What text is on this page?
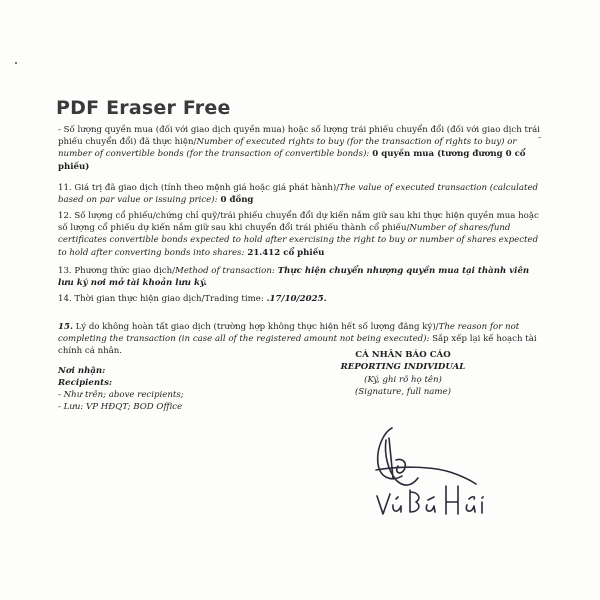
PDF Eraser Free
- Số lượng quyền mua (đối với giao dịch quyền mua) hoặc số lượng trái phiếu chuyển đổi (đối với giao dịch trái phiếu chuyển đổi) đã thực hiện/Number of executed rights to buy (for the transaction of rights to buy) or number of convertible bonds (for the transaction of convertible bonds): 0 quyền mua (tương đương 0 cổ phiếu)
11. Giá trị đã giao dịch (tính theo mệnh giá hoặc giá phát hành)/The value of executed transaction (calculated based on par value or issuing price): 0 đồng
12. Số lượng cổ phiếu/chứng chỉ quỹ/trái phiếu chuyển đổi dự kiến nắm giữ sau khi thực hiện quyền mua hoặc số lượng cổ phiếu dự kiến nắm giữ sau khi chuyển đổi trái phiếu thành cổ phiếu/Number of shares/fund certificates convertible bonds expected to hold after exercising the right to buy or number of shares expected to hold after converting bonds into shares: 21.412 cổ phiếu
13. Phương thức giao dịch/Method of transaction: Thực hiện chuyển nhượng quyền mua tại thành viên lưu ký nơi mở tài khoản lưu ký.
14. Thời gian thực hiện giao dịch/Trading time: .17/10/2025.
15. Lý do không hoàn tất giao dịch (trường hợp không thực hiện hết số lượng đăng ký)/The reason for not completing the transaction (in case all of the registered amount not being executed): Sắp xếp lại kế hoạch tài chính cá nhân.
Nơi nhận:
Recipients:
- Như trên; above recipients;
- Lưu: VP HĐQT; BOD Office
CÁ NHÂN BÁO CÁO
REPORTING INDIVIDUAL
(Ký, ghi rõ họ tên)
(Signature, full name)
